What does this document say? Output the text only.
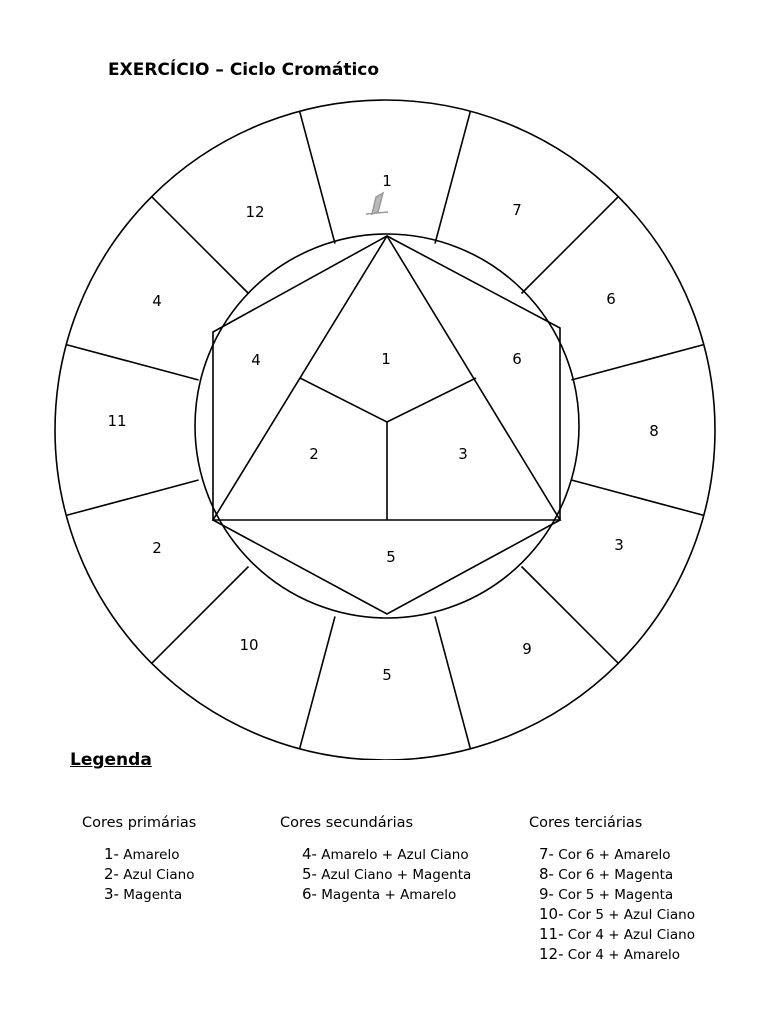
EXERCÍCIO – Ciclo Cromático
1
7
6
8
3
9
5
10
2
11
4
12
1
2	3
4	6
5
Legenda
Cores primárias
1- Amarelo
2- Azul Ciano
3- Magenta
Cores secundárias
4- Amarelo + Azul Ciano
5- Azul Ciano + Magenta
6- Magenta + Amarelo
Cores terciárias
7- Cor 6 + Amarelo
8- Cor 6 + Magenta
9- Cor 5 + Magenta
10- Cor 5 + Azul Ciano
11- Cor 4 + Azul Ciano
12- Cor 4 + Amarelo
